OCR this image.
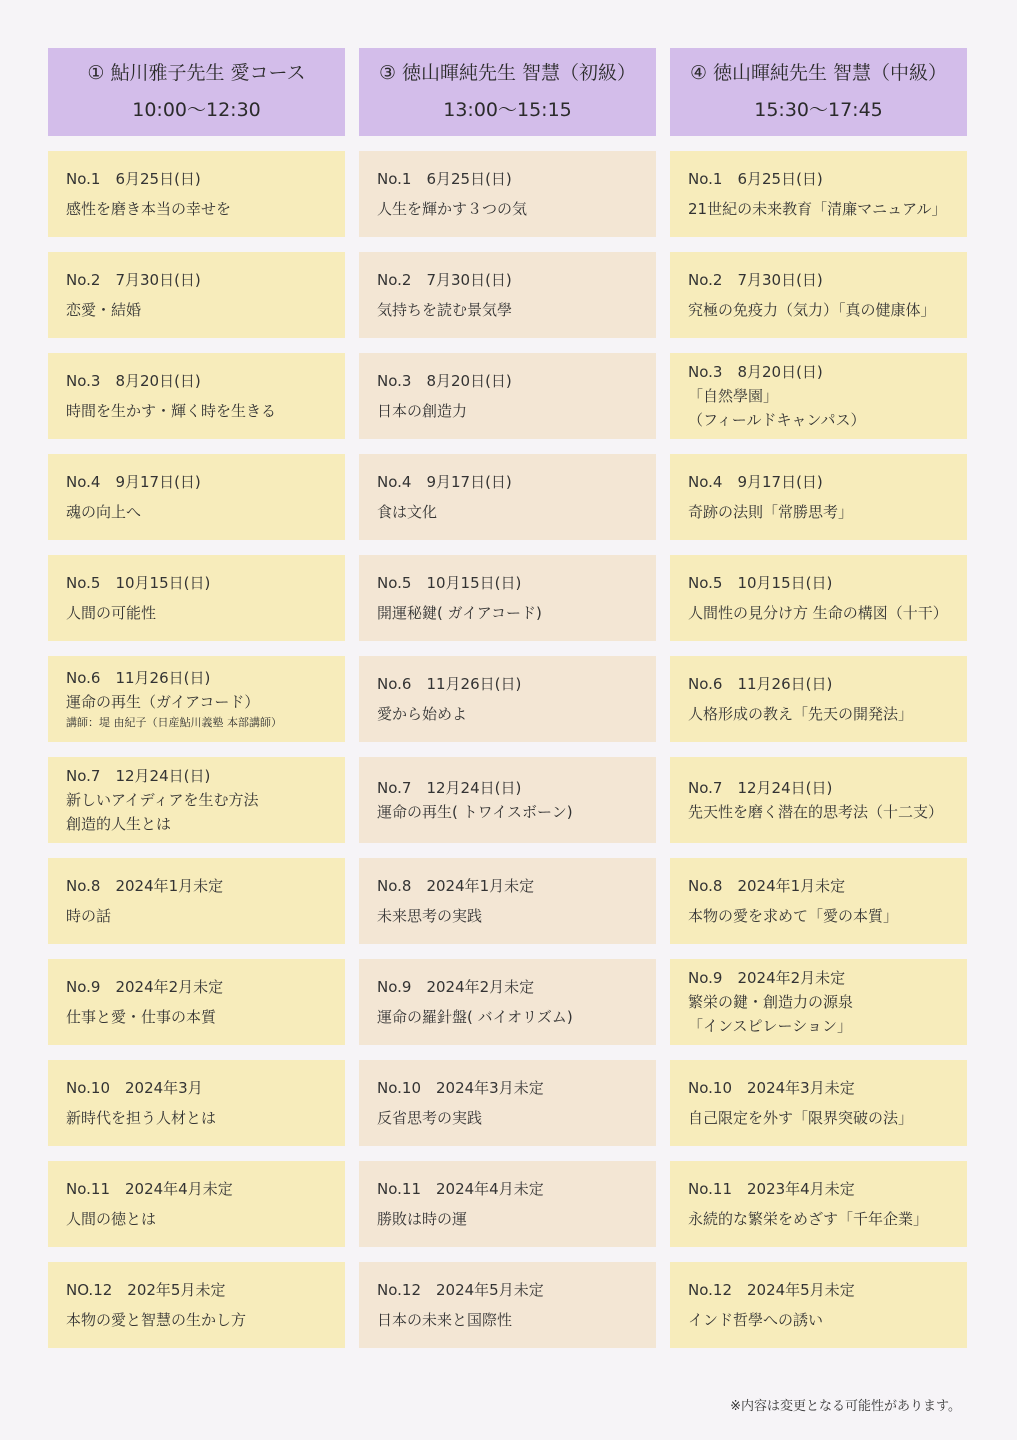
① 鮎川雅子先生 愛コース
10:00〜12:30
No.1　6月25日(日)
感性を磨き本当の幸せを
No.2　7月30日(日)
恋愛・結婚
No.3　8月20日(日)
時間を生かす・輝く時を生きる
No.4　9月17日(日)
魂の向上へ
No.5　10月15日(日)
人間の可能性
No.6　11月26日(日)
運命の再生（ガイアコード）
講師：堤 由紀子（日産鮎川義塾 本部講師）
No.7　12月24日(日)
新しいアイディアを生む方法
創造的人生とは
No.8　2024年1月未定
時の話
No.9　2024年2月未定
仕事と愛・仕事の本質
No.10　2024年3月
新時代を担う人材とは
No.11　2024年4月未定
人間の徳とは
NO.12　202年5月未定
本物の愛と智慧の生かし方
③ 徳山暉純先生 智慧（初級）
13:00〜15:15
No.1　6月25日(日)
人生を輝かす３つの気
No.2　7月30日(日)
気持ちを読む景気學
No.3　8月20日(日)
日本の創造力
No.4　9月17日(日)
食は文化
No.5　10月15日(日)
開運秘鍵( ガイアコード)
No.6　11月26日(日)
愛から始めよ
No.7　12月24日(日)
運命の再生( トワイスボーン)
No.8　2024年1月未定
未来思考の実践
No.9　2024年2月未定
運命の羅針盤( バイオリズム)
No.10　2024年3月未定
反省思考の実践
No.11　2024年4月未定
勝敗は時の運
No.12　2024年5月未定
日本の未来と国際性
④ 徳山暉純先生 智慧（中級）
15:30〜17:45
No.1　6月25日(日)
21世紀の未来教育「清廉マニュアル」
No.2　7月30日(日)
究極の免疫力（気力）「真の健康体」
No.3　8月20日(日)
「自然學園」
（フィールドキャンパス）
No.4　9月17日(日)
奇跡の法則「常勝思考」
No.5　10月15日(日)
人間性の見分け方 生命の構図（十干）
No.6　11月26日(日)
人格形成の教え「先天の開発法」
No.7　12月24日(日)
先天性を磨く潜在的思考法（十二支）
No.8　2024年1月未定
本物の愛を求めて「愛の本質」
No.9　2024年2月未定
繁栄の鍵・創造力の源泉
「インスピレーション」
No.10　2024年3月未定
自己限定を外す「限界突破の法」
No.11　2023年4月未定
永続的な繁栄をめざす「千年企業」
No.12　2024年5月未定
インド哲學への誘い
※内容は変更となる可能性があります。
